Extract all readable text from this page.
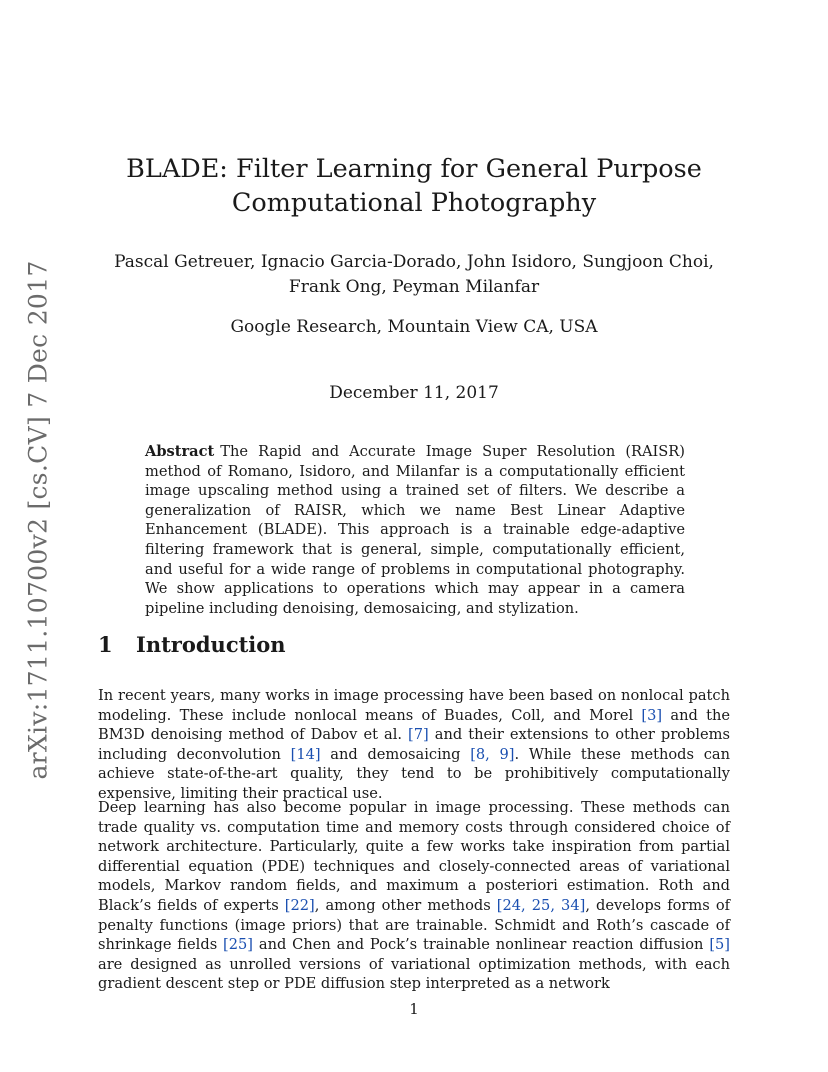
arXiv:1711.10700v2 [cs.CV] 7 Dec 2017
BLADE: Filter Learning for General Purpose
Computational Photography
Pascal Getreuer, Ignacio Garcia-Dorado, John Isidoro, Sungjoon Choi,
Frank Ong, Peyman Milanfar
Google Research, Mountain View CA, USA
December 11, 2017
Abstract The Rapid and Accurate Image Super Resolution (RAISR) method of Romano, Isidoro, and Milanfar is a computationally efficient image upscaling method using a trained set of filters. We describe a generalization of RAISR, which we name Best Linear Adaptive Enhancement (BLADE). This approach is a trainable edge-adaptive filtering framework that is general, simple, computationally efficient, and useful for a wide range of problems in computational photography. We show applications to operations which may appear in a camera pipeline including denoising, demosaicing, and stylization.
1 Introduction
In recent years, many works in image processing have been based on nonlocal patch modeling. These include nonlocal means of Buades, Coll, and Morel [3] and the BM3D denoising method of Dabov et al. [7] and their extensions to other problems including deconvolution [14] and demosaicing [8, 9]. While these methods can achieve state-of-the-art quality, they tend to be prohibitively computationally expensive, limiting their practical use.
Deep learning has also become popular in image processing. These methods can trade quality vs. computation time and memory costs through considered choice of network architecture. Particularly, quite a few works take inspiration from partial differential equation (PDE) techniques and closely-connected areas of variational models, Markov random fields, and maximum a posteriori estimation. Roth and Black’s fields of experts [22], among other methods [24, 25, 34], develops forms of penalty functions (image priors) that are trainable. Schmidt and Roth’s cascade of shrinkage fields [25] and Chen and Pock’s trainable nonlinear reaction diffusion [5] are designed as unrolled versions of variational optimization methods, with each gradient descent step or PDE diffusion step interpreted as a network
1
